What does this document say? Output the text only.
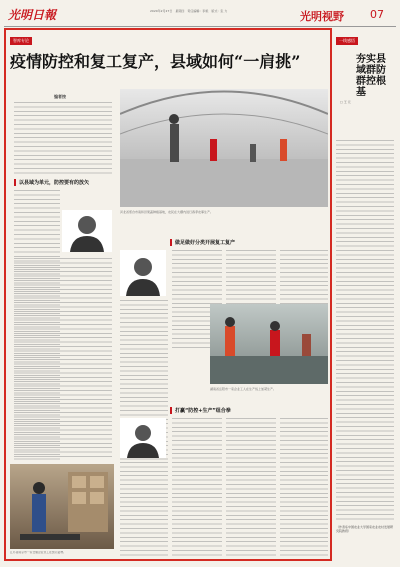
光明日報	2020年2月27日　星期四　责任编辑：李艳　版式：张 力	光明视野 07
智库专论
疫情防控和复工复产，县域如何“一肩挑”
编者按
以县域为单元，防控要有的放矢
河北省邢台市南和县果蔬种植基地，农民在大棚内进行春季农事生产。
做足做好分类开展复工复产
湖南省岳阳市一家企业工人在生产线上加紧生产。
打赢“防控+生产”组合拳
江苏省南京市一家仓储企业员工在装运货物。
一线感悟
夯实县域群防群控根基
□ 王 元
（作者系中国农业大学国家农业农村发展研究院教授）
